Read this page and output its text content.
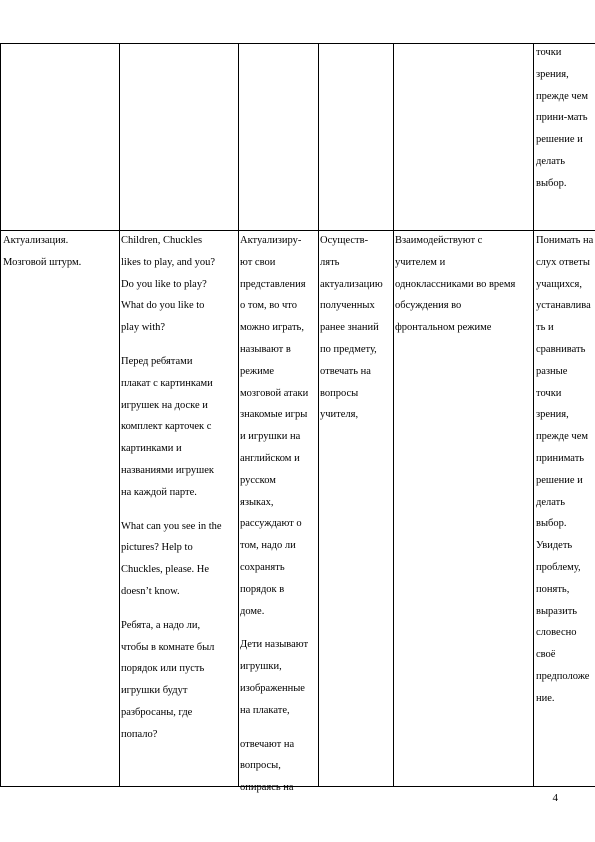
точки
зрения,
прежде чем
прини-мать
решение и
делать
выбор.
Актуализация.
Мозговой штурм.
Children, Chuckles
likes to play, and you?
Do you like to play?
What do you like to
play with?
Перед ребятами
плакат с картинками
игрушек на доске и
комплект карточек с
картинками и
названиями игрушек
на каждой парте.
What can you see in the
pictures? Help to
Chuckles, please. He
doesn’t know.
Ребята, а надо ли,
чтобы в комнате был
порядок или пусть
игрушки будут
разбросаны, где
попало?
Актуализиру-
ют свои
представления
о том, во что
можно играть,
называют в
режиме
мозговой атаки
знакомые игры
и игрушки на
английском и
русском
языках,
рассуждают о
том, надо ли
сохранять
порядок в
доме.
Дети называют
игрушки,
изображенные
на плакате,
отвечают на
вопросы,
опираясь на
Осуществ-
лять
актуализацию
полученных
ранее знаний
по предмету,
отвечать на
вопросы
учителя,
Взаимодействуют с
учителем и
одноклассниками во время
обсуждения во
фронтальном режиме
Понимать на
слух ответы
учащихся,
устанавлива
ть и
сравнивать
разные
точки
зрения,
прежде чем
принимать
решение и
делать
выбор.
Увидеть
проблему,
понять,
выразить
словесно
своё
предположе
ние.
4
